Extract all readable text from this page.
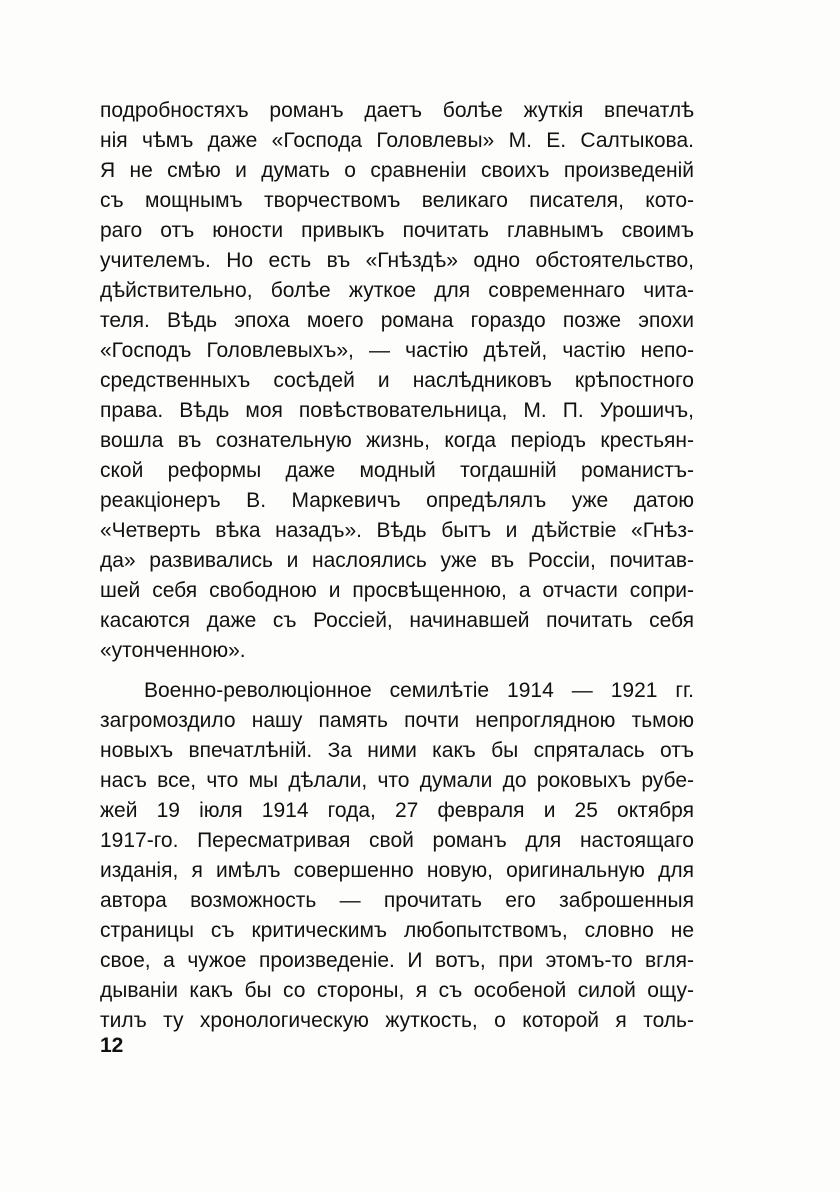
подробностяхъ романъ даетъ болѣе жуткія впечатлѣ
нія чѣмъ даже «Господа Головлевы» М. Е. Салтыкова.
Я не смѣю и думать о сравненіи своихъ произведеній
съ мощнымъ творчествомъ великаго писателя, кото-
раго отъ юности привыкъ почитать главнымъ своимъ
учителемъ. Но есть въ «Гнѣздѣ» одно обстоятельство,
дѣйствительно, болѣе жуткое для современнаго чита-
теля. Вѣдь эпоха моего романа гораздо позже эпохи
«Господъ Головлевыхъ», — частію дѣтей, частію непо-
средственныхъ сосѣдей и наслѣдниковъ крѣпостного
права. Вѣдь моя повѣствовательница, М. П. Урошичъ,
вошла въ сознательную жизнь, когда періодъ крестьян-
ской реформы даже модный тогдашній романистъ-
реакціонеръ В. Маркевичъ опредѣлялъ уже датою
«Четверть вѣка назадъ». Вѣдь бытъ и дѣйствіе «Гнѣз-
да» развивались и наслоялись уже въ Россіи, почитав-
шей себя свободною и просвѣщенною, а отчасти сопри-
касаются даже съ Россіей, начинавшей почитать себя
«утонченною».
Военно-революціонное семилѣтіе 1914 — 1921 гг.
загромоздило нашу память почти непроглядною тьмою
новыхъ впечатлѣній. За ними какъ бы спряталась отъ
насъ все, что мы дѣлали, что думали до роковыхъ рубе-
жей 19 іюля 1914 года, 27 февраля и 25 октября
1917-го. Пересматривая свой романъ для настоящаго
изданія, я имѣлъ совершенно новую, оригинальную для
автора возможность — прочитать его заброшенныя
страницы съ критическимъ любопытствомъ, словно не
свое, а чужое произведеніе. И вотъ, при этомъ-то вгля-
дываніи какъ бы со стороны, я съ особеной силой ощу-
тилъ ту хронологическую жуткость, о которой я толь-
12
